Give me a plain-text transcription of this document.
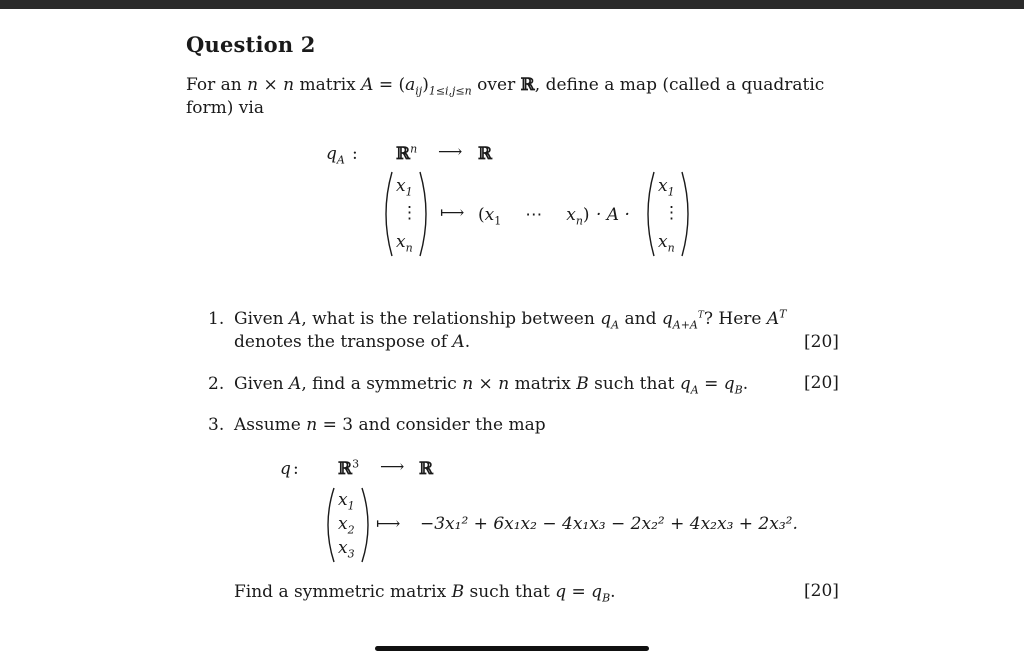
Question 2
For an n × n matrix $A = (a_{ij})_{1\le i,j\le n}$ over ℝ, define a map (called a quadratic form) via
$q_A$ : ℝ$^n$ ⟶ ℝ
$x_1$
⋮
$x_n$
⟼ ($x_1$ ⋯ $x_n) \cdot A$ ·
$x_1$
⋮
$x_n$
1. Given A, what is the relationship between $q_A$ and $q_{A+A}^T$? Here $A^T$
denotes the transpose of A.	[20]
2. Given A, find a symmetric n × n matrix B such that $q_A = q_B$.	[20]
3. Assume n = 3 and consider the map
q : ℝ$^3$ ⟶ ℝ
$x_1$
$x_2$
$x_3$
⟼ −3x₁² + 6x₁x₂ − 4x₁x₃ − 2x₂² + 4x₂x₃ + 2x₃².
Find a symmetric matrix B such that $q = q_B$.	[20]
